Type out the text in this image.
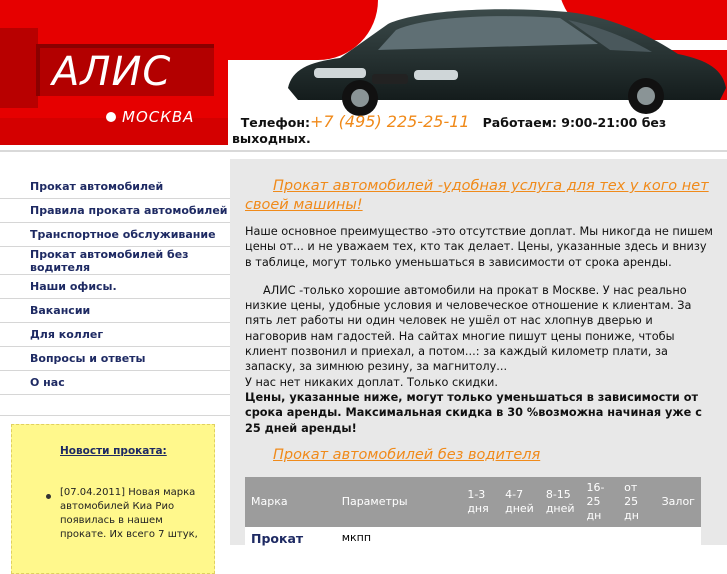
АЛИС
МОСКВА	Телефон:+7 (495) 225-25-11 Работаем: 9:00-21:00 без выходных.
Прокат автомобилей
Правила проката автомобилей
Транспортное обслуживание
Прокат автомобилей без водителя
Наши офисы.
Вакансии
Для коллег
Вопросы и ответы
О нас
Новости проката:
[07.04.2011] Новая марка автомобилей Киа Рио появилась в нашем прокате. Их всего 7 штук,

Прокат автомобилей -удобная услуга для тех у кого нет своей машины!

Наше основное преимущество -это отсутствие доплат. Мы никогда не пишем цены от... и не уважаем тех, кто так делает. Цены, указанные здесь и внизу в таблице, могут только уменьшаться в зависимости от срока аренды.

АЛИС -только хорошие автомобили на прокат в Москве. У нас реально низкие цены, удобные условия и человеческое отношение к клиентам. За пять лет работы ни один человек не ушёл от нас хлопнув дверью и наговорив нам гадостей. На сайтах многие пишут цены пониже, чтобы клиент позвонил и приехал, а потом...: за каждый километр плати, за запаску, за зимнюю резину, за магнитолу...

У нас нет никаких доплат. Только скидки.

Цены, указанные ниже, могут только уменьшаться в зависимости от срока аренды. Максимальная скидка в 30 %возможна начиная уже с 25 дней аренды!

Прокат автомобилей без водителя

Марка	Параметры	1-3 дня	4-7 дней	8-15 дней	16-25 дн	от 25 дн	Залог
Прокат	мкпп						
